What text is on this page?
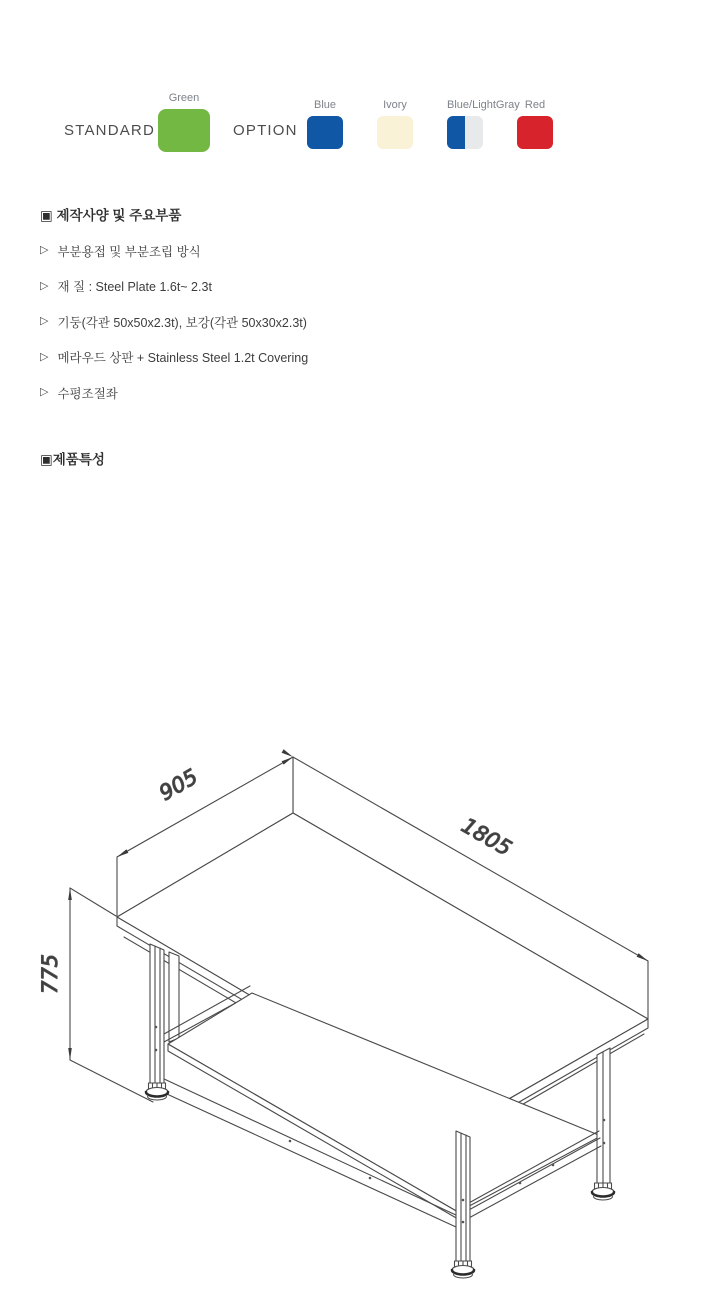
STANDARD
Green
OPTION
Blue	Ivory	Blue/LightGray Red
▣ 제작사양 및 주요부품
▷ 부분용접 및 부분조립 방식
▷ 재 질 : Steel Plate 1.6t~ 2.3t
▷ 기둥(각관 50x50x2.3t), 보강(각관 50x30x2.3t)
▷ 메라우드 상판 + Stainless Steel 1.2t Covering
▷ 수평조절좌
▣제품특성
905
1805
775
